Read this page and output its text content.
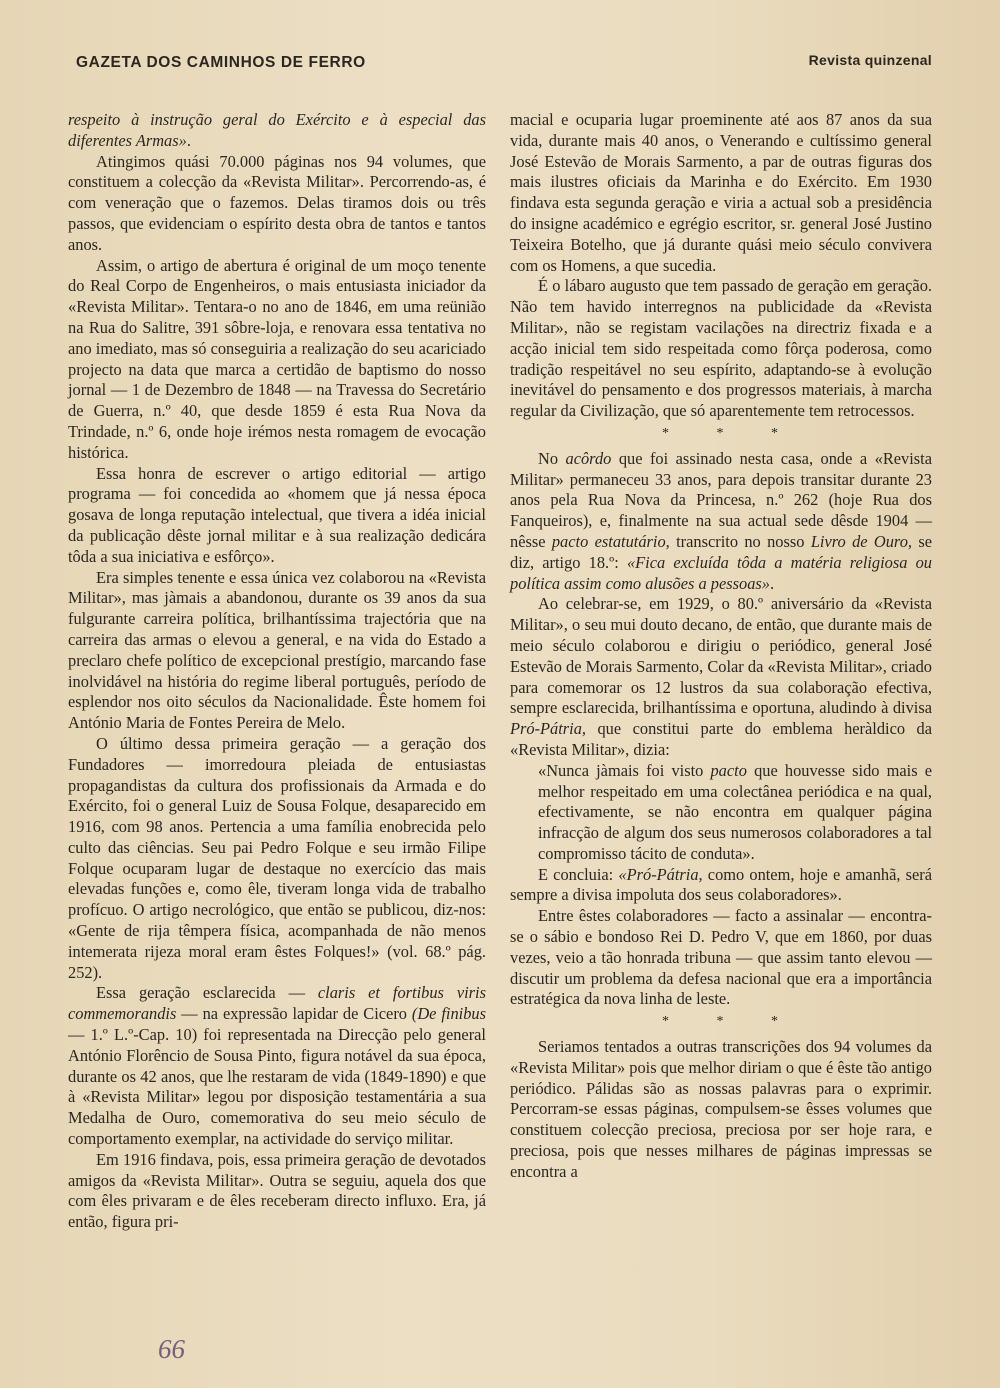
GAZETA DOS CAMINHOS DE FERRO	Revista quinzenal

respeito à instrução geral do Exército e à especial das diferentes Armas».

Atingimos quási 70.000 páginas nos 94 volumes, que constituem a colecção da «Revista Militar». Percorrendo-as, é com veneração que o fazemos. Delas tiramos dois ou três passos, que evidenciam o espírito desta obra de tantos e tantos anos.

Assim, o artigo de abertura é original de um moço tenente do Real Corpo de Engenheiros, o mais entusiasta iniciador da «Revista Militar». Tentara-o no ano de 1846, em uma reünião na Rua do Salitre, 391 sôbre-loja, e renovara essa tentativa no ano imediato, mas só conseguiria a realização do seu acariciado projecto na data que marca a certidão de baptismo do nosso jornal — 1 de Dezembro de 1848 — na Travessa do Secretário de Guerra, n.º 40, que desde 1859 é esta Rua Nova da Trindade, n.º 6, onde hoje irémos nesta romagem de evocação histórica.

Essa honra de escrever o artigo editorial — artigo programa — foi concedida ao «homem que já nessa época gosava de longa reputação intelectual, que tivera a idéa inicial da publicação dêste jornal militar e à sua realização dedicára tôda a sua iniciativa e esfôrço».

Era simples tenente e essa única vez colaborou na «Revista Militar», mas jàmais a abandonou, durante os 39 anos da sua fulgurante carreira política, brilhantíssima trajectória que na carreira das armas o elevou a general, e na vida do Estado a preclaro chefe político de excepcional prestígio, marcando fase inolvidável na história do regime liberal português, período de esplendor nos oito séculos da Nacionalidade. Êste homem foi António Maria de Fontes Pereira de Melo.

O último dessa primeira geração — a geração dos Fundadores — imorredoura pleiada de entusiastas propagandistas da cultura dos profissionais da Armada e do Exército, foi o general Luiz de Sousa Folque, desaparecido em 1916, com 98 anos. Pertencia a uma família enobrecida pelo culto das ciências. Seu pai Pedro Folque e seu irmão Filipe Folque ocuparam lugar de destaque no exercício das mais elevadas funções e, como êle, tiveram longa vida de trabalho profícuo. O artigo necrológico, que então se publicou, diz-nos: «Gente de rija têmpera física, acompanhada de não menos intemerata rijeza moral eram êstes Folques!» (vol. 68.º pág. 252).

Essa geração esclarecida — claris et fortibus viris commemorandis — na expressão lapidar de Cicero (De finibus — 1.º L.º-Cap. 10) foi representada na Direcção pelo general António Florêncio de Sousa Pinto, figura notável da sua época, durante os 42 anos, que lhe restaram de vida (1849-1890) e que à «Revista Militar» legou por disposição testamentária a sua Medalha de Ouro, comemorativa do seu meio século de comportamento exemplar, na actividade do serviço militar.

Em 1916 findava, pois, essa primeira geração de devotados amigos da «Revista Militar». Outra se seguiu, aquela dos que com êles privaram e de êles receberam directo influxo. Era, já então, figura pri-

macial e ocuparia lugar proeminente até aos 87 anos da sua vida, durante mais 40 anos, o Venerando e cultíssimo general José Estevão de Morais Sarmento, a par de outras figuras dos mais ilustres oficiais da Marinha e do Exército. Em 1930 findava esta segunda geração e viria a actual sob a presidência do insigne académico e egrégio escritor, sr. general José Justino Teixeira Botelho, que já durante quási meio século convivera com os Homens, a que sucedia.

É o lábaro augusto que tem passado de geração em geração. Não tem havido interregnos na publicidade da «Revista Militar», não se registam vacilações na directriz fixada e a acção inicial tem sido respeitada como fôrça poderosa, como tradição respeitável no seu espírito, adaptando-se à evolução inevitável do pensamento e dos progressos materiais, à marcha regular da Civilização, que só aparentemente tem retrocessos.

* * *

No acôrdo que foi assinado nesta casa, onde a «Revista Militar» permaneceu 33 anos, para depois transitar durante 23 anos pela Rua Nova da Princesa, n.º 262 (hoje Rua dos Fanqueiros), e, finalmente na sua actual sede dêsde 1904 — nêsse pacto estatutário, transcrito no nosso Livro de Ouro, se diz, artigo 18.º: «Fica excluída tôda a matéria religiosa ou política assim como alusões a pessoas».

Ao celebrar-se, em 1929, o 80.º aniversário da «Revista Militar», o seu mui douto decano, de então, que durante mais de meio século colaborou e dirigiu o periódico, general José Estevão de Morais Sarmento, Colar da «Revista Militar», criado para comemorar os 12 lustros da sua colaboração efectiva, sempre esclarecida, brilhantíssima e oportuna, aludindo à divisa Pró-Pátria, que constitui parte do emblema heràldico da «Revista Militar», dizia:

«Nunca jàmais foi visto pacto que houvesse sido mais e melhor respeitado em uma colectânea periódica e na qual, efectivamente, se não encontra em qualquer página infracção de algum dos seus numerosos colaboradores a tal compromisso tácito de conduta».

E concluia: «Pró-Pátria, como ontem, hoje e amanhã, será sempre a divisa impoluta dos seus colaboradores».

Entre êstes colaboradores — facto a assinalar — encontra-se o sábio e bondoso Rei D. Pedro V, que em 1860, por duas vezes, veio a tão honrada tribuna — que assim tanto elevou — discutir um problema da defesa nacional que era a importância estratégica da nova linha de leste.

* * *

Seriamos tentados a outras transcrições dos 94 volumes da «Revista Militar» pois que melhor diriam o que é êste tão antigo periódico. Pálidas são as nossas palavras para o exprimir. Percorram-se essas páginas, compulsem-se êsses volumes que constituem colecção preciosa, preciosa por ser hoje rara, e preciosa, pois que nesses milhares de páginas impressas se encontra a

66
